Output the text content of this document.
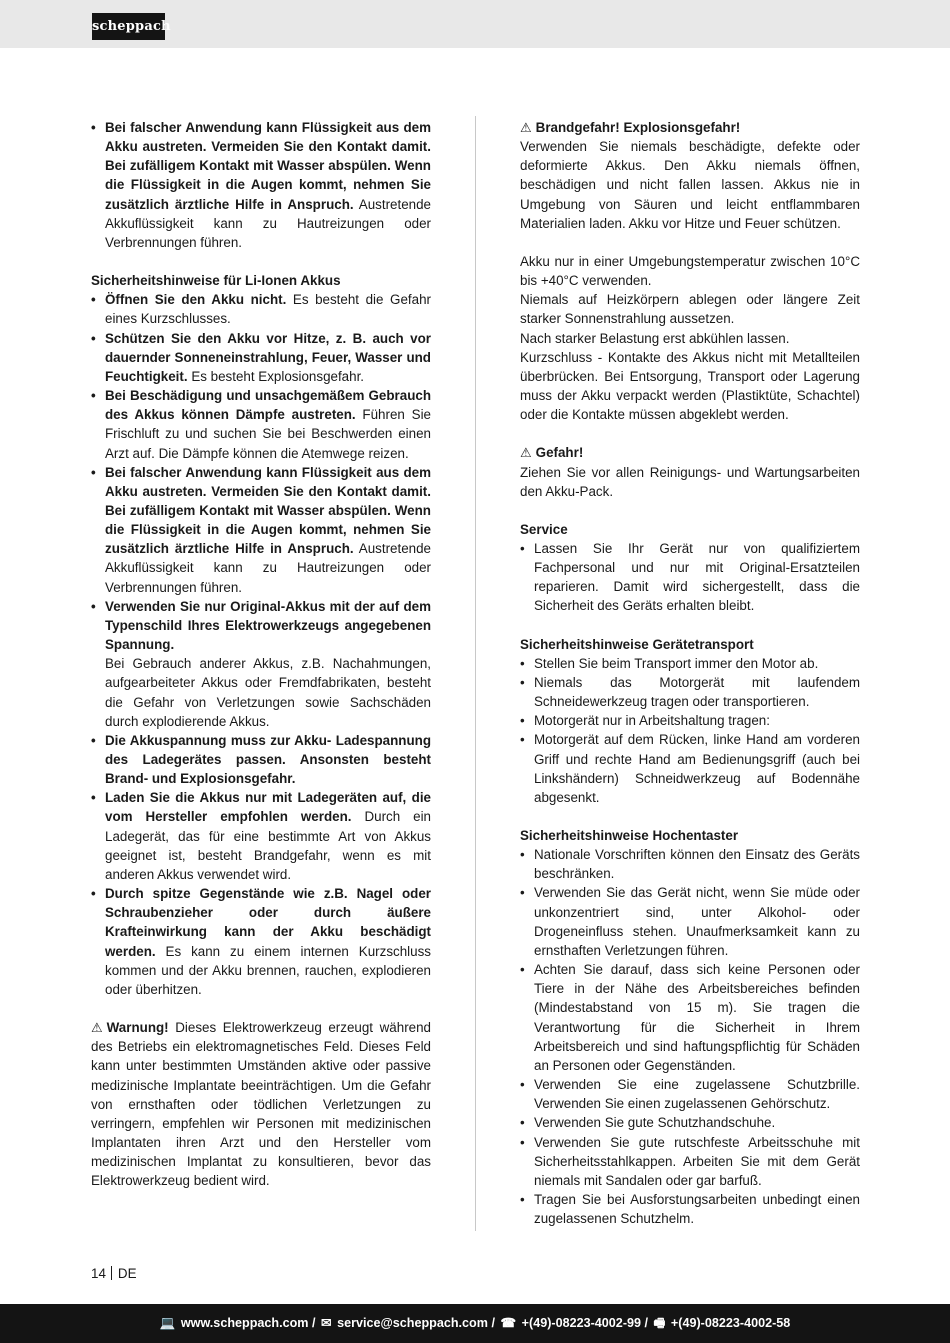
scheppach
• Bei falscher Anwendung kann Flüssigkeit aus dem Akku austreten. Vermeiden Sie den Kontakt damit. Bei zufälligem Kontakt mit Wasser abspülen. Wenn die Flüssigkeit in die Augen kommt, nehmen Sie zusätzlich ärztliche Hilfe in Anspruch. Austretende Akkuflüssigkeit kann zu Hautreizungen oder Verbrennungen führen.

Sicherheitshinweise für Li-Ionen Akkus

• Öffnen Sie den Akku nicht. Es besteht die Gefahr eines Kurzschlusses.
• Schützen Sie den Akku vor Hitze, z. B. auch vor dauernder Sonneneinstrahlung, Feuer, Wasser und Feuchtigkeit. Es besteht Explosionsgefahr.
• Bei Beschädigung und unsachgemäßem Gebrauch des Akkus können Dämpfe austreten. Führen Sie Frischluft zu und suchen Sie bei Beschwerden einen Arzt auf. Die Dämpfe können die Atemwege reizen.
• Bei falscher Anwendung kann Flüssigkeit aus dem Akku austreten. Vermeiden Sie den Kontakt damit. Bei zufälligem Kontakt mit Wasser abspülen. Wenn die Flüssigkeit in die Augen kommt, nehmen Sie zusätzlich ärztliche Hilfe in Anspruch. Austretende Akkuflüssigkeit kann zu Hautreizungen oder Verbrennungen führen.
• Verwenden Sie nur Original-Akkus mit der auf dem Typenschild Ihres Elektrowerkzeugs angegebenen Spannung.
Bei Gebrauch anderer Akkus, z.B. Nachahmungen, aufgearbeiteter Akkus oder Fremdfabrikaten, besteht die Gefahr von Verletzungen sowie Sachschäden durch explodierende Akkus.
• Die Akkuspannung muss zur Akku- Ladespannung des Ladegerätes passen. Ansonsten besteht Brand- und Explosionsgefahr.
• Laden Sie die Akkus nur mit Ladegeräten auf, die vom Hersteller empfohlen werden. Durch ein Ladegerät, das für eine bestimmte Art von Akkus geeignet ist, besteht Brandgefahr, wenn es mit anderen Akkus verwendet wird.
• Durch spitze Gegenstände wie z.B. Nagel oder Schraubenzieher oder durch äußere Krafteinwirkung kann der Akku beschädigt werden. Es kann zu einem internen Kurzschluss kommen und der Akku brennen, rauchen, explodieren oder überhitzen.

⚠ Warnung! Dieses Elektrowerkzeug erzeugt während des Betriebs ein elektromagnetisches Feld. Dieses Feld kann unter bestimmten Umständen aktive oder passive medizinische Implantate beeinträchtigen. Um die Gefahr von ernsthaften oder tödlichen Verletzungen zu verringern, empfehlen wir Personen mit medizinischen Implantaten ihren Arzt und den Hersteller vom medizinischen Implantat zu konsultieren, bevor das Elektrowerkzeug bedient wird.

⚠ Brandgefahr! Explosionsgefahr!

Verwenden Sie niemals beschädigte, defekte oder deformierte Akkus. Den Akku niemals öffnen, beschädigen und nicht fallen lassen. Akkus nie in Umgebung von Säuren und leicht entflammbaren Materialien laden. Akku vor Hitze und Feuer schützen.

Akku nur in einer Umgebungstemperatur zwischen 10°C bis +40°C verwenden.

Niemals auf Heizkörpern ablegen oder längere Zeit starker Sonnenstrahlung aussetzen.

Nach starker Belastung erst abkühlen lassen.

Kurzschluss - Kontakte des Akkus nicht mit Metallteilen überbrücken. Bei Entsorgung, Transport oder Lagerung muss der Akku verpackt werden (Plastiktüte, Schachtel) oder die Kontakte müssen abgeklebt werden.

⚠ Gefahr!

Ziehen Sie vor allen Reinigungs- und Wartungsarbeiten den Akku-Pack.

Service

• Lassen Sie Ihr Gerät nur von qualifiziertem Fachpersonal und nur mit Original-Ersatzteilen reparieren. Damit wird sichergestellt, dass die Sicherheit des Geräts erhalten bleibt.

Sicherheitshinweise Gerätetransport

• Stellen Sie beim Transport immer den Motor ab.
• Niemals das Motorgerät mit laufendem Schneidewerkzeug tragen oder transportieren.
• Motorgerät nur in Arbeitshaltung tragen:
• Motorgerät auf dem Rücken, linke Hand am vorderen Griff und rechte Hand am Bedienungsgriff (auch bei Linkshändern) Schneidwerkzeug auf Bodennähe abgesenkt.

Sicherheitshinweise Hochentaster

• Nationale Vorschriften können den Einsatz des Geräts beschränken.
• Verwenden Sie das Gerät nicht, wenn Sie müde oder unkonzentriert sind, unter Alkohol- oder Drogeneinfluss stehen. Unaufmerksamkeit kann zu ernsthaften Verletzungen führen.
• Achten Sie darauf, dass sich keine Personen oder Tiere in der Nähe des Arbeitsbereiches befinden (Mindestabstand von 15 m). Sie tragen die Verantwortung für die Sicherheit in Ihrem Arbeitsbereich und sind haftungspflichtig für Schäden an Personen oder Gegenständen.
• Verwenden Sie eine zugelassene Schutzbrille. Verwenden Sie einen zugelassenen Gehörschutz.
• Verwenden Sie gute Schutzhandschuhe.
• Verwenden Sie gute rutschfeste Arbeitsschuhe mit Sicherheitsstahlkappen. Arbeiten Sie mit dem Gerät niemals mit Sandalen oder gar barfuß.
• Tragen Sie bei Ausforstungsarbeiten unbedingt einen zugelassenen Schutzhelm.
14 DE
💻 www.scheppach.com / ✉ service@scheppach.com / ☎ +(49)-08223-4002-99 / 🖷 +(49)-08223-4002-58
